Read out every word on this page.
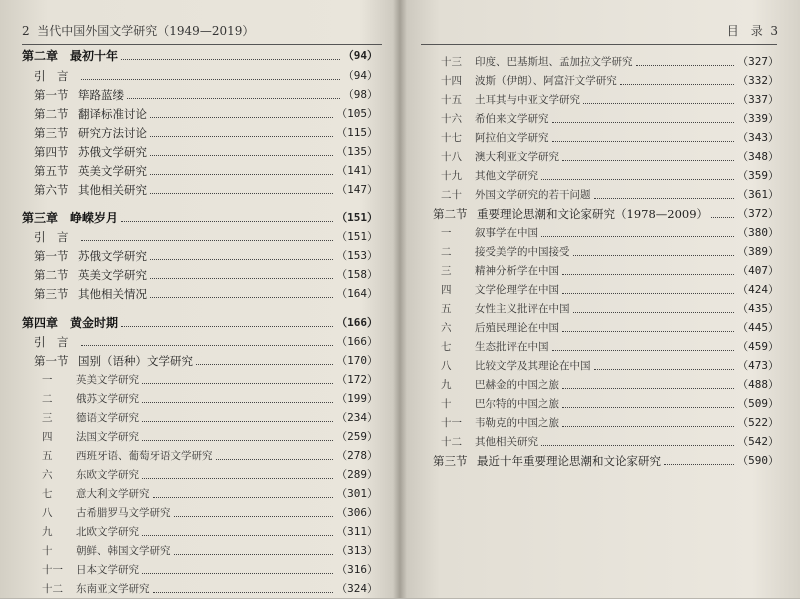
2 当代中国外国文学研究（1949—2019）
第二章 最初十年	（94）
引　言	（94）
第一节 筚路蓝缕	（98）
第二节 翻译标准讨论	（105）
第三节 研究方法讨论	（115）
第四节 苏俄文学研究	（135）
第五节 英美文学研究	（141）
第六节 其他相关研究	（147）
第三章 峥嵘岁月	（151）
引　言	（151）
第一节 苏俄文学研究	（153）
第二节 英美文学研究	（158）
第三节 其他相关情况	（164）
第四章 黄金时期	（166）
引　言	（166）
第一节 国别（语种）文学研究	（170）
一	英美文学研究	（172）
二	俄苏文学研究	（199）
三	德语文学研究	（234）
四	法国文学研究	（259）
五	西班牙语、葡萄牙语文学研究	（278）
六	东欧文学研究	（289）
七	意大利文学研究	（301）
八	古希腊罗马文学研究	（306）
九	北欧文学研究	（311）
十	朝鲜、韩国文学研究	（313）
十一	日本文学研究	（316）
十二	东南亚文学研究	（324）
目　录 3
十三	印度、巴基斯坦、孟加拉文学研究	（327）
十四	波斯（伊朗）、阿富汗文学研究	（332）
十五	土耳其与中亚文学研究	（337）
十六	希伯来文学研究	（339）
十七	阿拉伯文学研究	（343）
十八	澳大利亚文学研究	（348）
十九	其他文学研究	（359）
二十	外国文学研究的若干问题	（361）
第二节 重要理论思潮和文论家研究（1978—2009）	（372）
一	叙事学在中国	（380）
二	接受美学的中国接受	（389）
三	精神分析学在中国	（407）
四	文学伦理学在中国	（424）
五	女性主义批评在中国	（435）
六	后殖民理论在中国	（445）
七	生态批评在中国	（459）
八	比较文学及其理论在中国	（473）
九	巴赫金的中国之旅	（488）
十	巴尔特的中国之旅	（509）
十一	韦勒克的中国之旅	（522）
十二	其他相关研究	（542）
第三节 最近十年重要理论思潮和文论家研究	（590）
